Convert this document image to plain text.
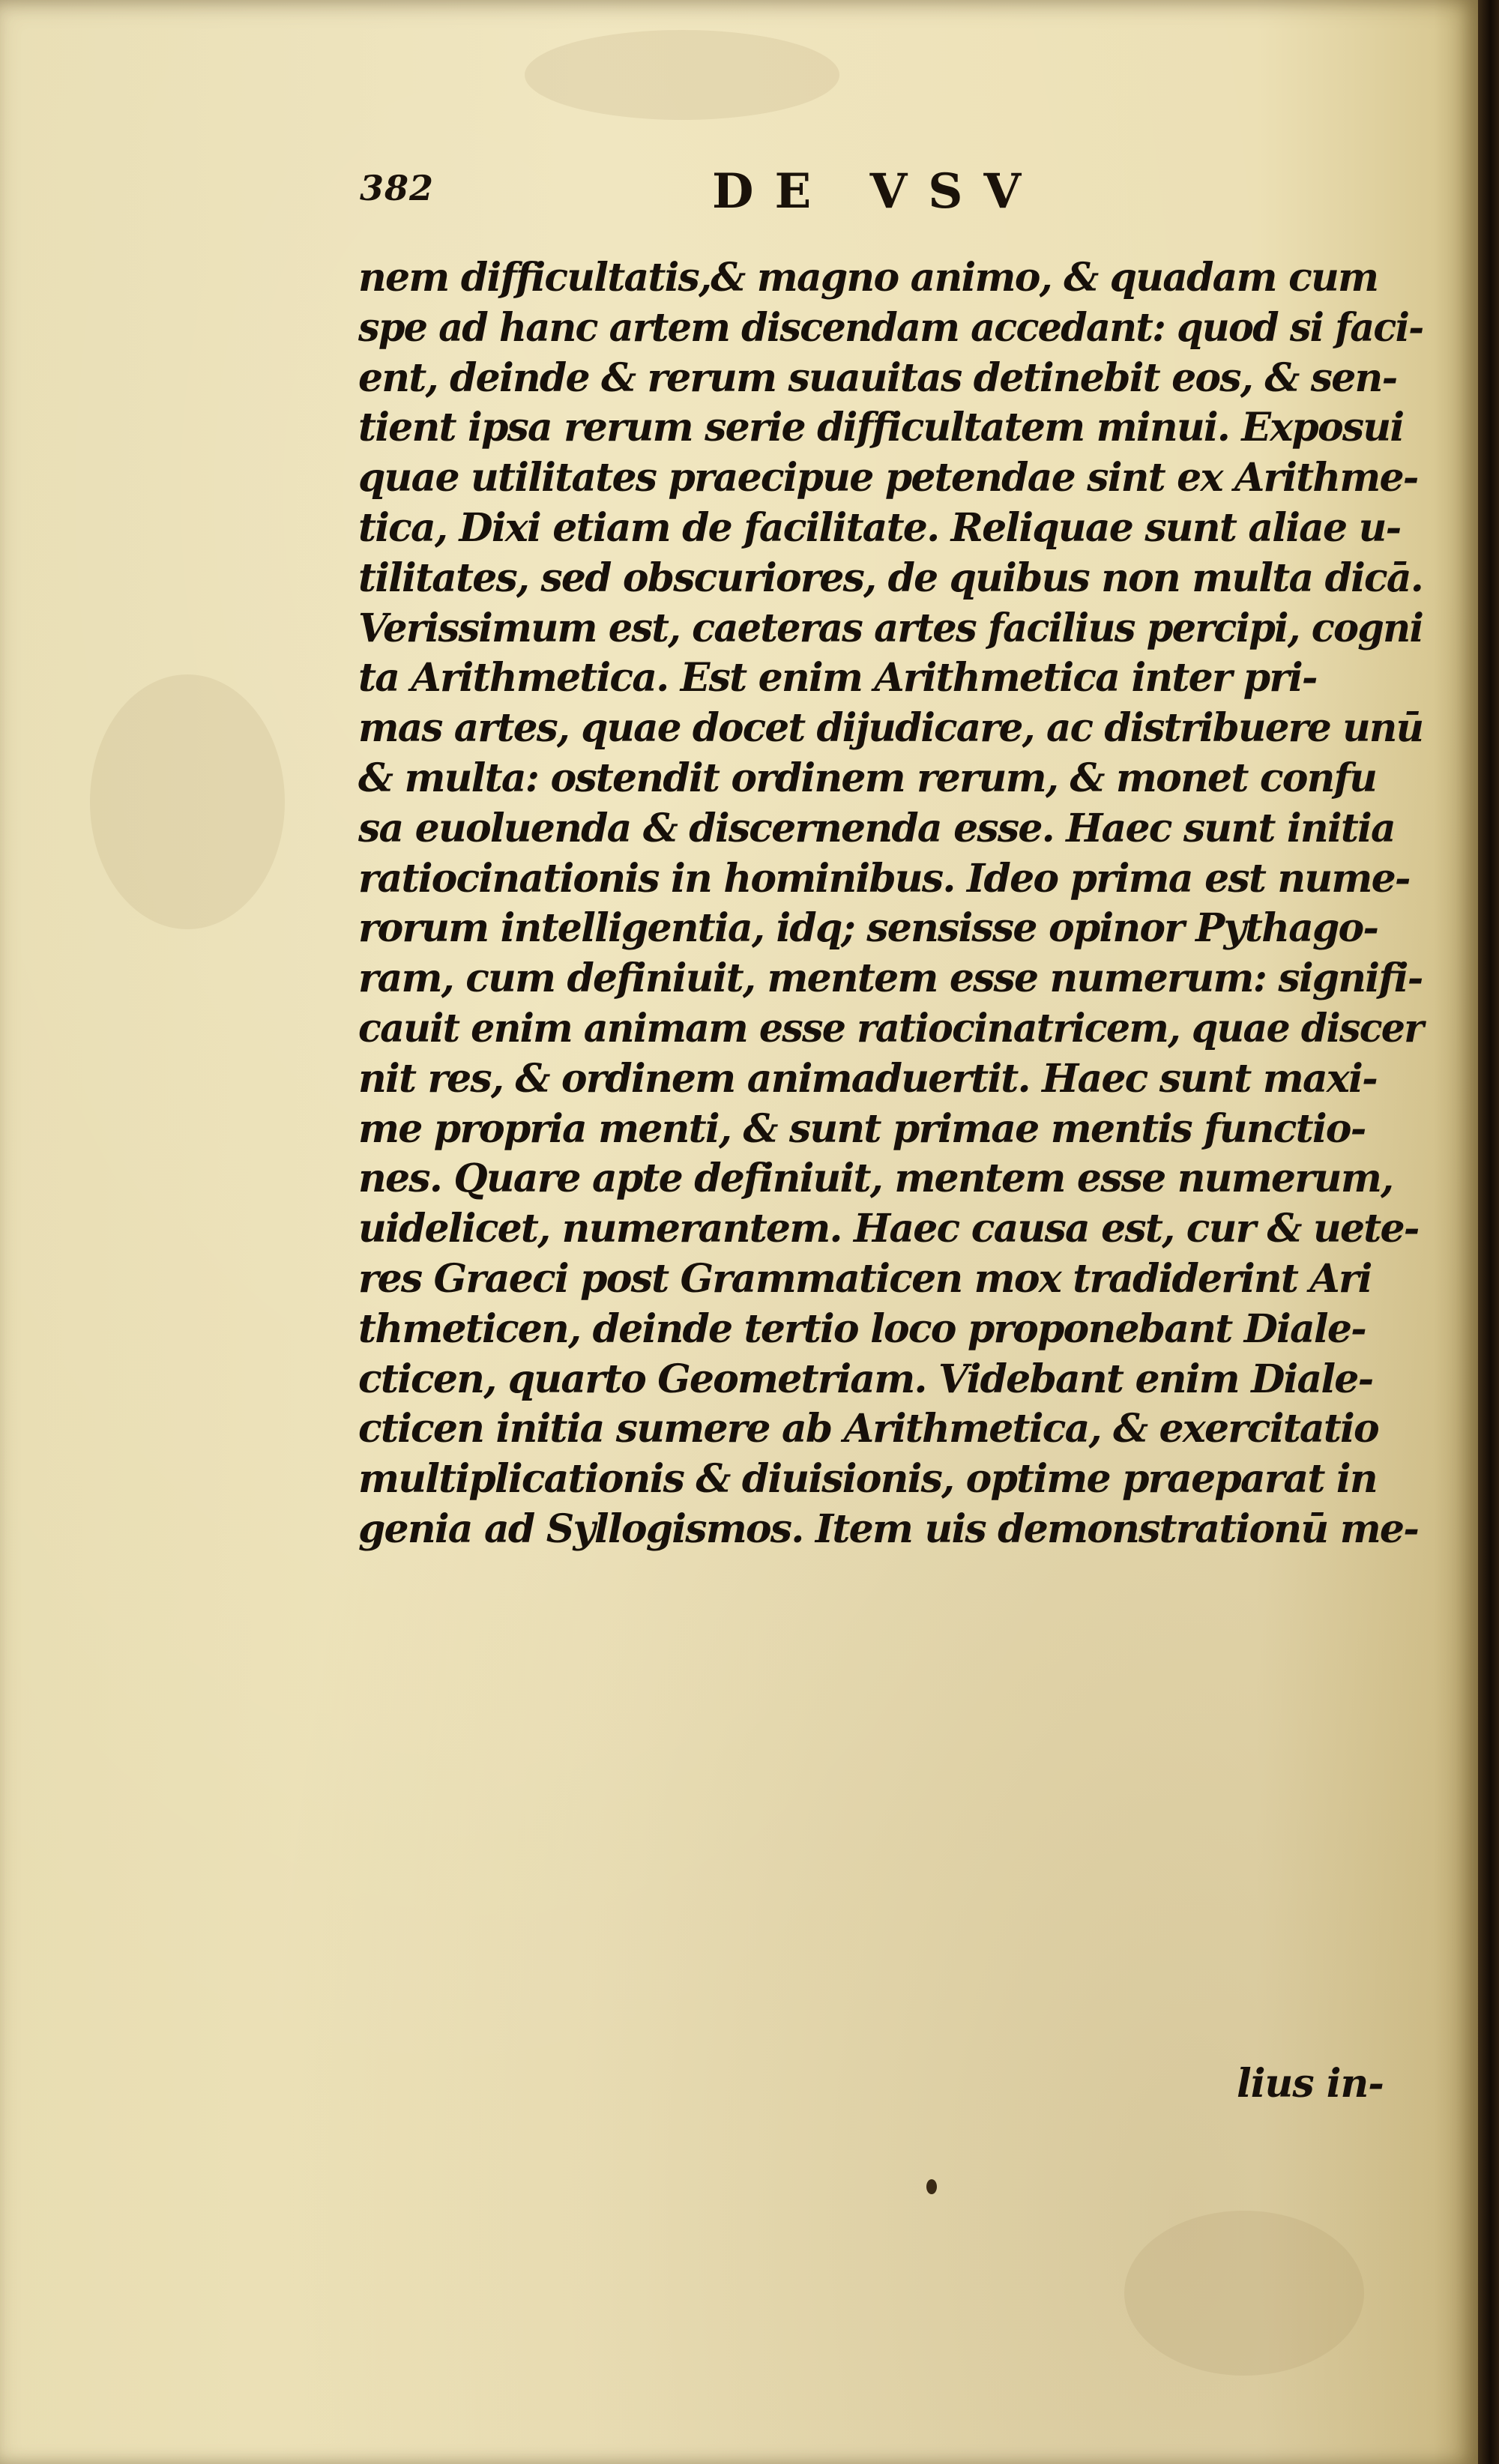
382	DE VSV
nem difficultatis,& magno animo, & quadam cum
spe ad hanc artem discendam accedant: quod si faci-
ent, deinde & rerum suauitas detinebit eos, & sen-
tient ipsa rerum serie difficultatem minui. Exposui
quae utilitates praecipue petendae sint ex Arithme-
tica, Dixi etiam de facilitate. Reliquae sunt aliae u-
tilitates, sed obscuriores, de quibus non multa dicā.
Verissimum est, caeteras artes facilius percipi, cogni
ta Arithmetica. Est enim Arithmetica inter pri-
mas artes, quae docet dijudicare, ac distribuere unū
& multa: ostendit ordinem rerum, & monet confu
sa euoluenda & discernenda esse. Haec sunt initia
ratiocinationis in hominibus. Ideo prima est nume-
rorum intelligentia, idq; sensisse opinor Pythago-
ram, cum definiuit, mentem esse numerum: signifi-
cauit enim animam esse ratiocinatricem, quae discer
nit res, & ordinem animaduertit. Haec sunt maxi-
me propria menti, & sunt primae mentis functio-
nes. Quare apte definiuit, mentem esse numerum,
uidelicet, numerantem. Haec causa est, cur & uete-
res Graeci post Grammaticen mox tradiderint Ari
thmeticen, deinde tertio loco proponebant Diale-
cticen, quarto Geometriam. Videbant enim Diale-
cticen initia sumere ab Arithmetica, & exercitatio
multiplicationis & diuisionis, optime praeparat in
genia ad Syllogismos. Item uis demonstrationū me-
lius in-
